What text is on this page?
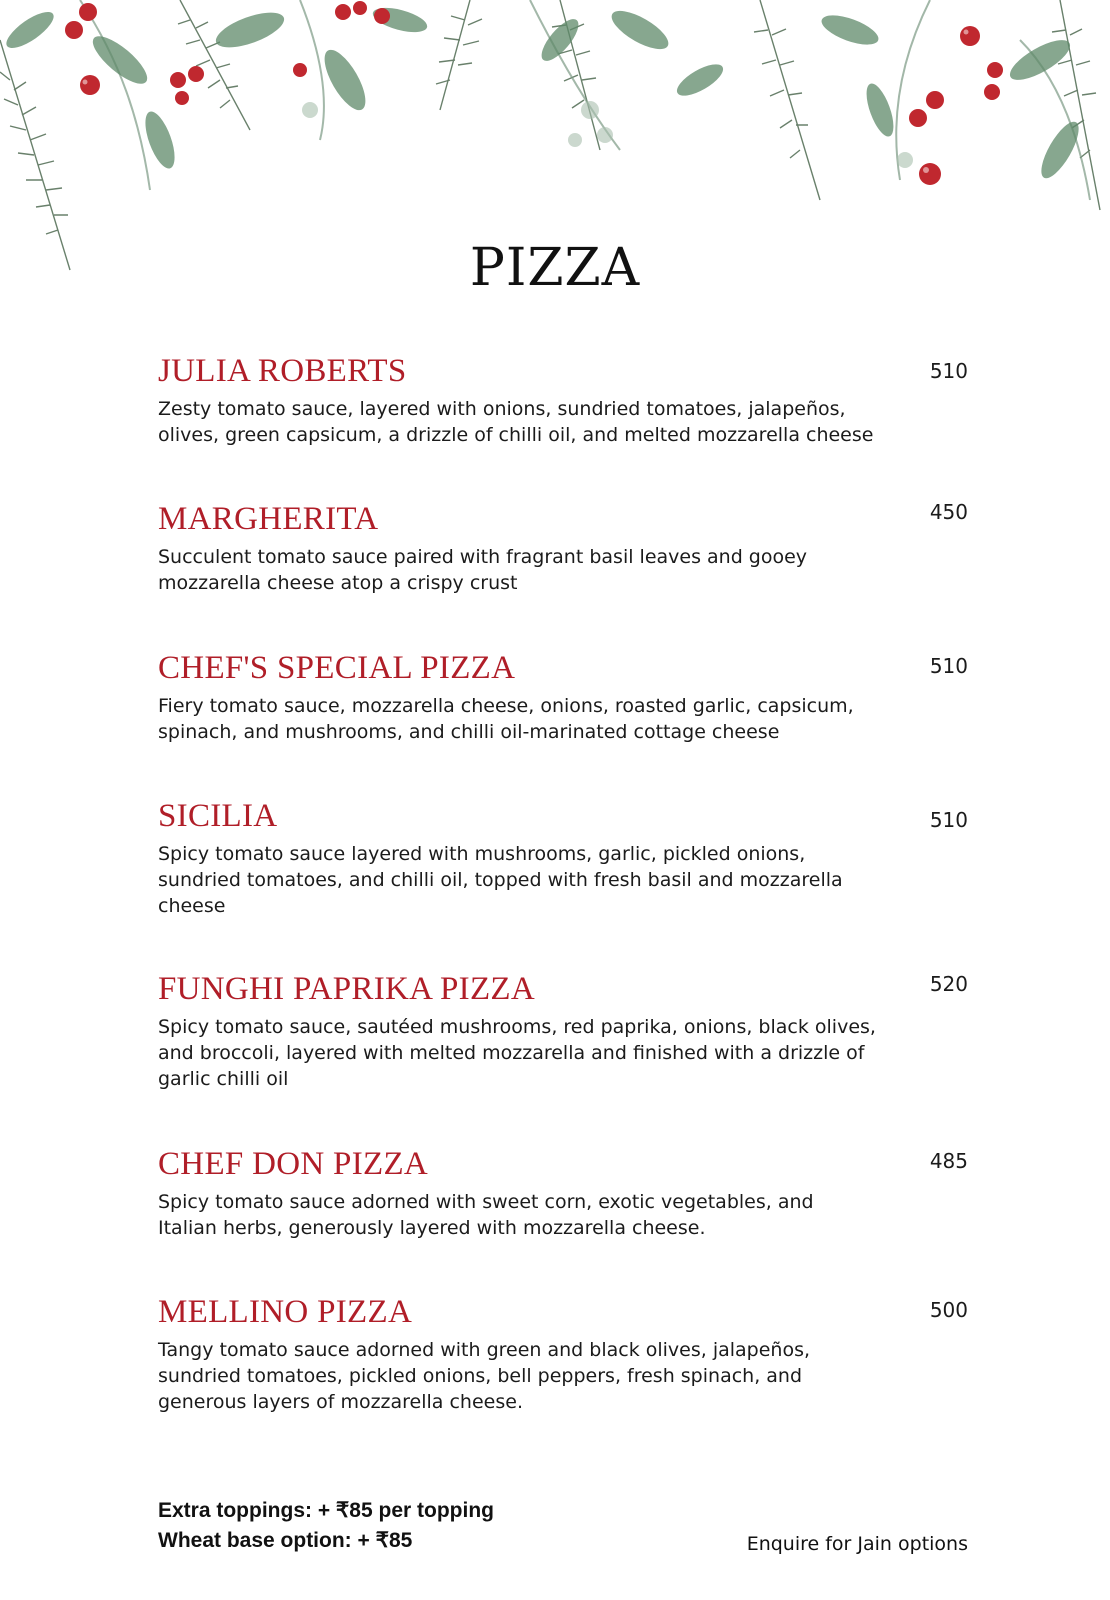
PIZZA
JULIA ROBERTS
Zesty tomato sauce, layered with onions, sundried tomatoes, jalapeños, olives, green capsicum, a drizzle of chilli oil, and melted mozzarella cheese
510
MARGHERITA
Succulent tomato sauce paired with fragrant basil leaves and gooey mozzarella cheese atop a crispy crust
450
CHEF'S SPECIAL PIZZA
Fiery tomato sauce, mozzarella cheese, onions, roasted garlic, capsicum, spinach, and mushrooms, and chilli oil-marinated cottage cheese
510
SICILIA
Spicy tomato sauce layered with mushrooms, garlic, pickled onions, sundried tomatoes, and chilli oil, topped with fresh basil and mozzarella cheese
510
FUNGHI PAPRIKA PIZZA
Spicy tomato sauce, sautéed mushrooms, red paprika, onions, black olives, and broccoli, layered with melted mozzarella and finished with a drizzle of garlic chilli oil
520
CHEF DON PIZZA
Spicy tomato sauce adorned with sweet corn, exotic vegetables, and Italian herbs, generously layered with mozzarella cheese.
485
MELLINO PIZZA
Tangy tomato sauce adorned with green and black olives, jalapeños, sundried tomatoes, pickled onions, bell peppers, fresh spinach, and generous layers of mozzarella cheese.
500
Extra toppings: + ₹85 per topping
Wheat base option: + ₹85	Enquire for Jain options
